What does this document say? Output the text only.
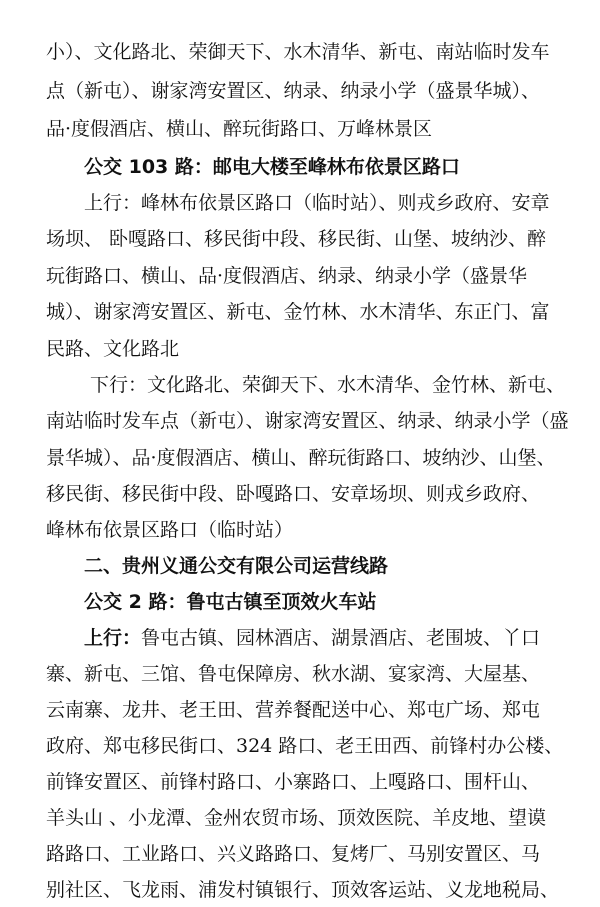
小）、文化路北、荣御天下、水木清华、新屯、南站临时发车
点（新屯）、谢家湾安置区、纳录、纳录小学（盛景华城）、
品·度假酒店、横山、醉玩街路口、万峰林景区
公交 103 路：邮电大楼至峰林布依景区路口
上行：峰林布依景区路口（临时站）、则戎乡政府、安章
场坝、 卧嘎路口、移民街中段、移民街、山堡、坡纳沙、醉
玩街路口、横山、品·度假酒店、纳录、纳录小学（盛景华
城）、谢家湾安置区、新屯、金竹林、水木清华、东正门、富
民路、文化路北
下行：文化路北、荣御天下、水木清华、金竹林、新屯、
南站临时发车点（新屯）、谢家湾安置区、纳录、纳录小学（盛
景华城）、品·度假酒店、横山、醉玩街路口、坡纳沙、山堡、
移民街、移民街中段、卧嘎路口、安章场坝、则戎乡政府、
峰林布依景区路口（临时站）
二、贵州义通公交有限公司运营线路
公交 2 路：鲁屯古镇至顶效火车站
上行：鲁屯古镇、园林酒店、湖景酒店、老围坡、丫口
寨、新屯、三馆、鲁屯保障房、秋水湖、宴家湾、大屋基、
云南寨、龙井、老王田、营养餐配送中心、郑屯广场、郑屯
政府、郑屯移民街口、324 路口、老王田西、前锋村办公楼、
前锋安置区、前锋村路口、小寨路口、上嘎路口、围杆山、
羊头山 、小龙潭、金州农贸市场、顶效医院、羊皮地、望谟
路路口、工业路口、兴义路路口、复烤厂、马别安置区、马
别社区、飞龙雨、浦发村镇银行、顶效客运站、义龙地税局、
